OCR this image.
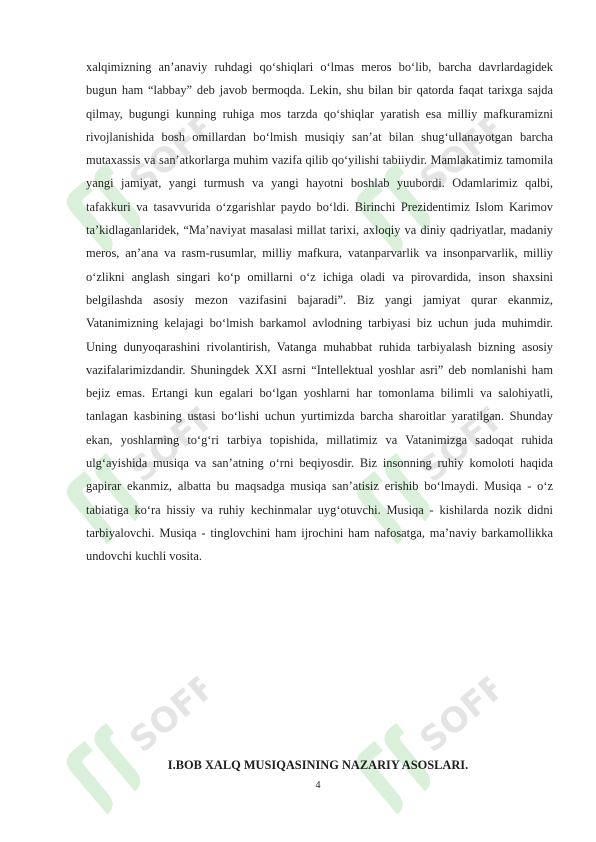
SOFF	SOFF
SOFF	SOFF
SOFF	SOFF

xalqimizning an’anaviy ruhdagi qo‘shiqlari o‘lmas meros bo‘lib, barcha davrlardagidek bugun ham “labbay” deb javob bermoqda. Lekin, shu bilan bir qatorda faqat tarixga sajda qilmay, bugungi kunning ruhiga mos tarzda qo‘shiqlar yaratish esa milliy mafkuramizni rivojlanishida bosh omillardan bo‘lmish musiqiy san’at bilan shug‘ullanayotgan barcha mutaxassis va san’atkorlarga muhim vazifa qilib qo‘yilishi tabiiydir. Mamlakatimiz tamomila yangi jamiyat, yangi turmush va yangi hayotni boshlab yuubordi. Odamlarimiz qalbi, tafakkuri va tasavvurida o‘zgarishlar paydo bo‘ldi. Birinchi Prezidentimiz Islom Karimov ta’kidlaganlaridek, “Ma’naviyat masalasi millat tarixi, axloqiy va diniy qadriyatlar, madaniy meros, an’ana va rasm-rusumlar, milliy mafkura, vatanparvarlik va insonparvarlik, milliy o‘zlikni anglash singari ko‘p omillarni o‘z ichiga oladi va pirovardida, inson shaxsini belgilashda asosiy mezon vazifasini bajaradi”. Biz yangi jamiyat qurar ekanmiz, Vatanimizning kelajagi bo‘lmish barkamol avlodning tarbiyasi biz uchun juda muhimdir. Uning dunyoqarashini rivolantirish, Vatanga muhabbat ruhida tarbiyalash bizning asosiy vazifalarimizdandir. Shuningdek XXI asrni “Intellektual yoshlar asri” deb nomlanishi ham bejiz emas. Ertangi kun egalari bo‘lgan yoshlarni har tomonlama bilimli va salohiyatli, tanlagan kasbining ustasi bo‘lishi uchun yurtimizda barcha sharoitlar yaratilgan. Shunday ekan, yoshlarning to‘g‘ri tarbiya topishida, millatimiz va Vatanimizga sadoqat ruhida ulg‘ayishida musiqa va san’atning o‘rni beqiyosdir. Biz insonning ruhiy komoloti haqida gapirar ekanmiz, albatta bu maqsadga musiqa san’atisiz erishib bo‘lmaydi. Musiqa - o‘z tabiatiga ko‘ra hissiy va ruhiy kechinmalar uyg‘otuvchi. Musiqa - kishilarda nozik didni tarbiyalovchi. Musiqa - tinglovchini ham ijrochini ham nafosatga, ma’naviy barkamollikka undovchi kuchli vosita.

I.BOB XALQ MUSIQASINING NAZARIY ASOSLARI.

4
